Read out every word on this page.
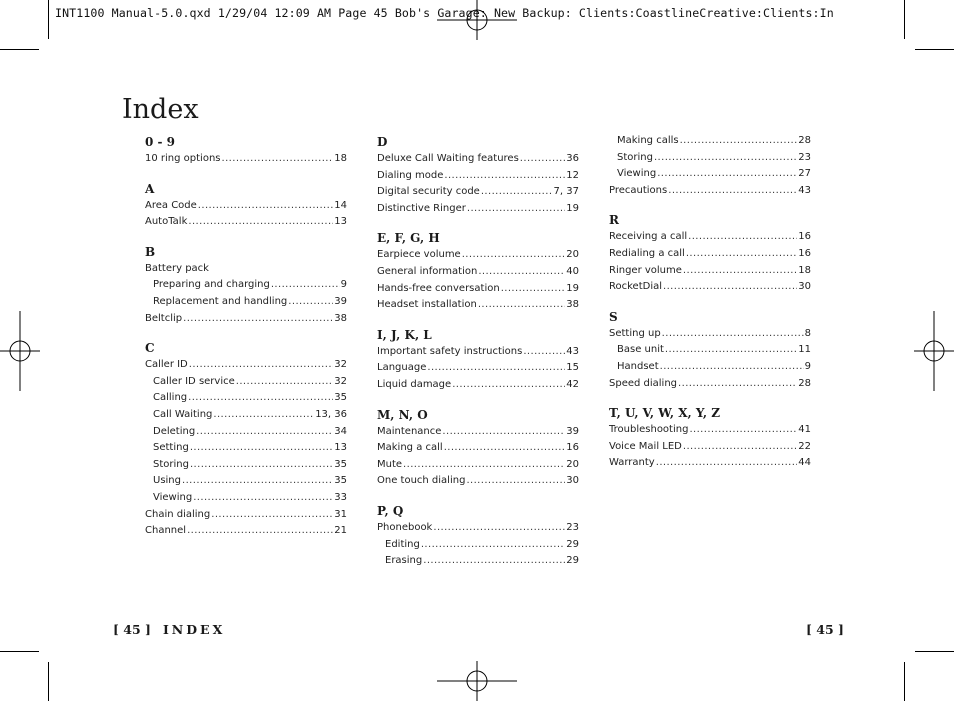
INT1100 Manual-5.0.qxd 1/29/04 12:09 AM Page 45 Bob's Garage: New Backup: Clients:CoastlineCreative:Clients:In
Index
0 - 9
10 ring options .....	18
A
Area Code .....	14
AutoTalk .....	13
B
Battery pack
Preparing and charging .....	9
Replacement and handling .....	39
Beltclip .....	38
C
Caller ID .....	32
Caller ID service .....	32
Calling .....	35
Call Waiting .....	13, 36
Deleting .....	34
Setting .....	13
Storing .....	35
Using .....	35
Viewing .....	33
Chain dialing .....	31
Channel .....	21
D
Deluxe Call Waiting features .....	36
Dialing mode .....	12
Digital security code .....	7, 37
Distinctive Ringer .....	19
E, F, G, H
Earpiece volume .....	20
General information .....	40
Hands-free conversation .....	19
Headset installation .....	38
I, J, K, L
Important safety instructions .....	43
Language .....	15
Liquid damage .....	42
M, N, O
Maintenance .....	39
Making a call .....	16
Mute .....	20
One touch dialing .....	30
P, Q
Phonebook .....	23
Editing .....	29
Erasing .....	29
Making calls .....	28
Storing .....	23
Viewing .....	27
Precautions .....	43
R
Receiving a call .....	16
Redialing a call .....	16
Ringer volume .....	18
RocketDial .....	30
S
Setting up .....	8
Base unit .....	11
Handset .....	9
Speed dialing .....	28
T, U, V, W, X, Y, Z
Troubleshooting .....	41
Voice Mail LED .....	22
Warranty .....	44
[ 45 ] INDEX	[ 45 ]
